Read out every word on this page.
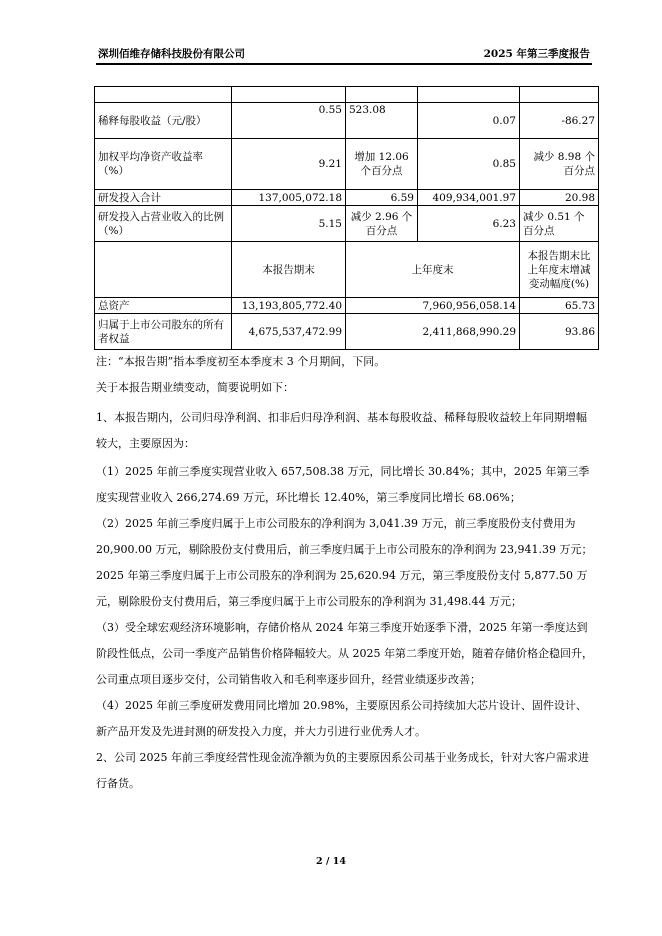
深圳佰维存储科技股份有限公司	2025 年第三季度报告

稀释每股收益（元/股）	0.55	523.08	0.07	-86.27
加权平均净资产收益率（%）	9.21	增加 12.06 个百分点	0.85	减少 8.98 个百分点
研发投入合计	137,005,072.18	6.59	409,934,001.97	20.98
研发投入占营业收入的比例（%）	5.15	减少 2.96 个百分点	6.23	减少 0.51 个百分点
	本报告期末	上年度末		本报告期末比上年度末增减变动幅度(%)
总资产	13,193,805,772.40	7,960,956,058.14		65.73
归属于上市公司股东的所有者权益	4,675,537,472.99	2,411,868,990.29		93.86
注：“本报告期”指本季度初至本季度末 3 个月期间，下同。
关于本报告期业绩变动，简要说明如下：
1、本报告期内，公司归母净利润、扣非后归母净利润、基本每股收益、稀释每股收益较上年同期增幅较大，主要原因为：
（1）2025 年前三季度实现营业收入 657,508.38 万元，同比增长 30.84%；其中，2025 年第三季度实现营业收入 266,274.69 万元，环比增长 12.40%，第三季度同比增长 68.06%；
（2）2025 年前三季度归属于上市公司股东的净利润为 3,041.39 万元，前三季度股份支付费用为 20,900.00 万元，剔除股份支付费用后，前三季度归属于上市公司股东的净利润为 23,941.39 万元；2025 年第三季度归属于上市公司股东的净利润为 25,620.94 万元，第三季度股份支付 5,877.50 万元，剔除股份支付费用后，第三季度归属于上市公司股东的净利润为 31,498.44 万元；
（3）受全球宏观经济环境影响，存储价格从 2024 年第三季度开始逐季下滑，2025 年第一季度达到阶段性低点，公司一季度产品销售价格降幅较大。从 2025 年第二季度开始，随着存储价格企稳回升，公司重点项目逐步交付，公司销售收入和毛利率逐步回升，经营业绩逐步改善；
（4）2025 年前三季度研发费用同比增加 20.98%，主要原因系公司持续加大芯片设计、固件设计、新产品开发及先进封测的研发投入力度，并大力引进行业优秀人才。
2、公司 2025 年前三季度经营性现金流净额为负的主要原因系公司基于业务成长，针对大客户需求进行备货。
2 / 14
